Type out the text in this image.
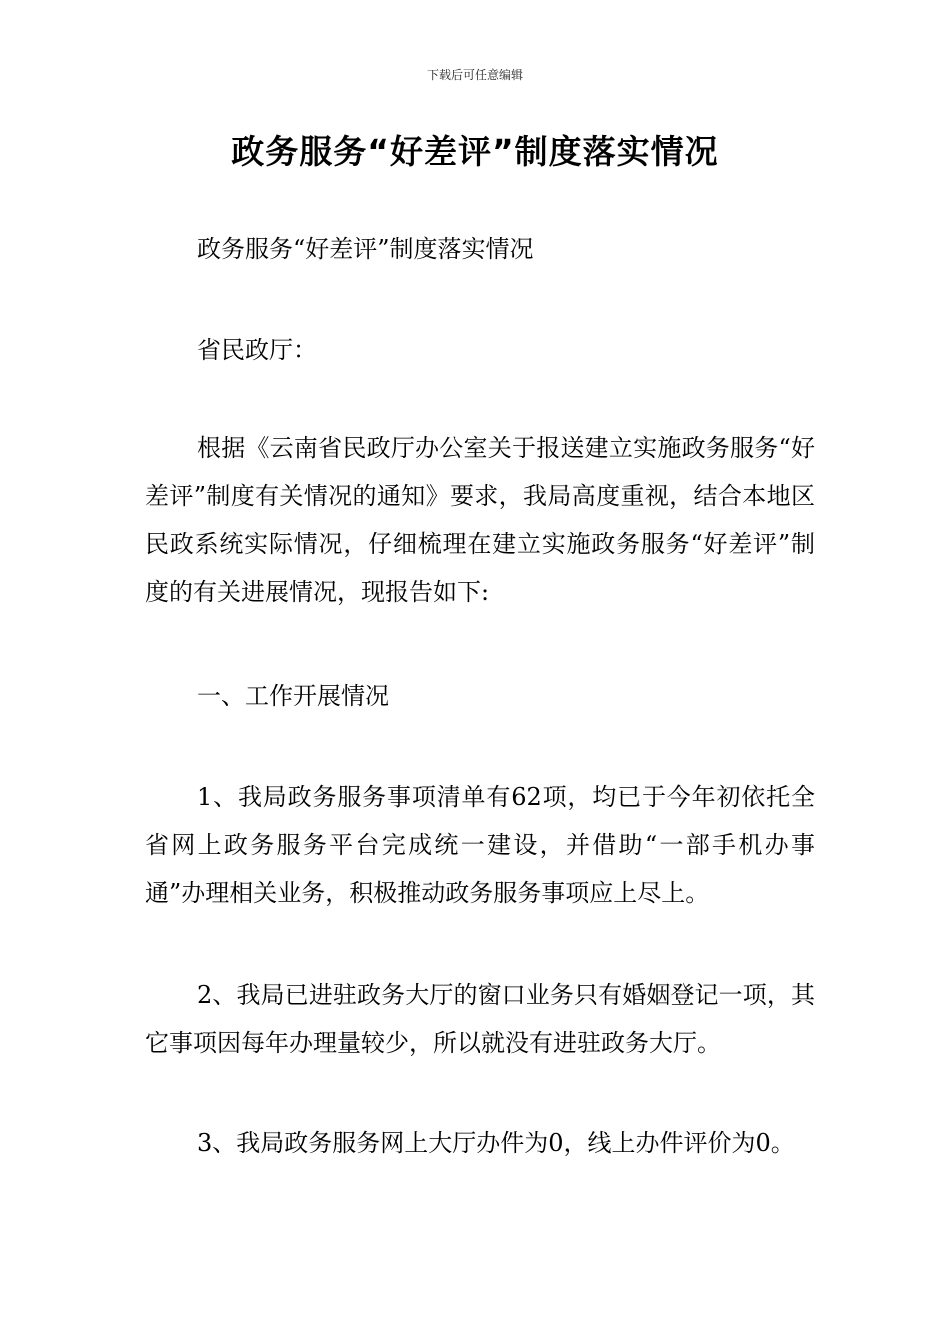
下载后可任意编辑
政务服务“好差评”制度落实情况

政务服务“好差评”制度落实情况

省民政厅：

根据《云南省民政厅办公室关于报送建立实施政务服务“好差评”制度有关情况的通知》要求，我局高度重视，结合本地区民政系统实际情况，仔细梳理在建立实施政务服务“好差评”制度的有关进展情况，现报告如下:

一、工作开展情况

1、我局政务服务事项清单有62项，均已于今年初依托全省网上政务服务平台完成统一建设，并借助“一部手机办事通”办理相关业务，积极推动政务服务事项应上尽上。

2、我局已进驻政务大厅的窗口业务只有婚姻登记一项，其它事项因每年办理量较少，所以就没有进驻政务大厅。

3、我局政务服务网上大厅办件为0，线上办件评价为0。
